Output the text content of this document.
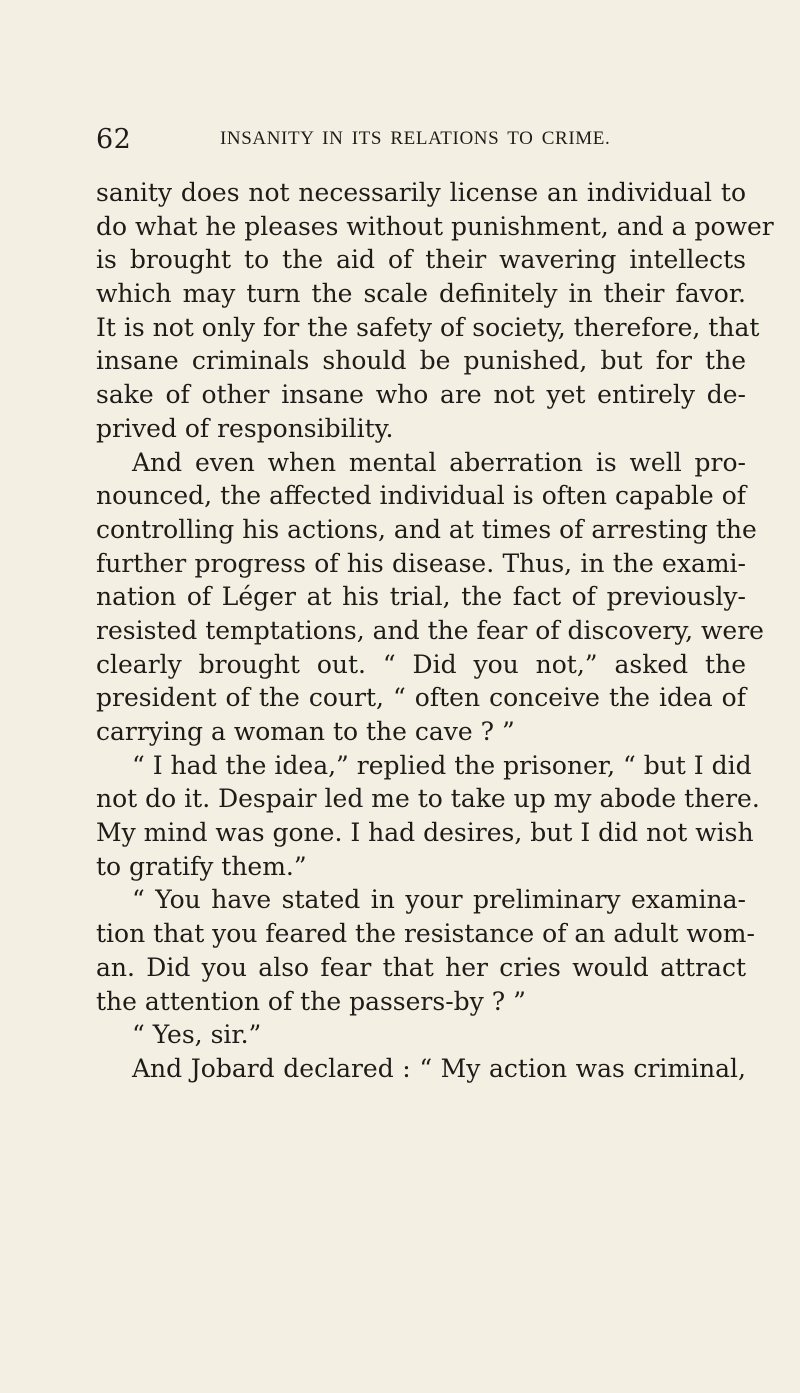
62	INSANITY IN ITS RELATIONS TO CRIME.
sanity does not necessarily license an individual to
do what he pleases without punishment, and a power
is brought to the aid of their wavering intellects
which may turn the scale definitely in their favor.
It is not only for the safety of society, therefore, that
insane criminals should be punished, but for the
sake of other insane who are not yet entirely de-
prived of responsibility.
And even when mental aberration is well pro-
nounced, the affected individual is often capable of
controlling his actions, and at times of arresting the
further progress of his disease. Thus, in the exami-
nation of Léger at his trial, the fact of previously-
resisted temptations, and the fear of discovery, were
clearly brought out. “ Did you not,” asked the
president of the court, “ often conceive the idea of
carrying a woman to the cave ? ”
“ I had the idea,” replied the prisoner, “ but I did
not do it. Despair led me to take up my abode there.
My mind was gone. I had desires, but I did not wish
to gratify them.”
“ You have stated in your preliminary examina-
tion that you feared the resistance of an adult wom-
an. Did you also fear that her cries would attract
the attention of the passers-by ? ”
“ Yes, sir.”
And Jobard declared : “ My action was criminal,
